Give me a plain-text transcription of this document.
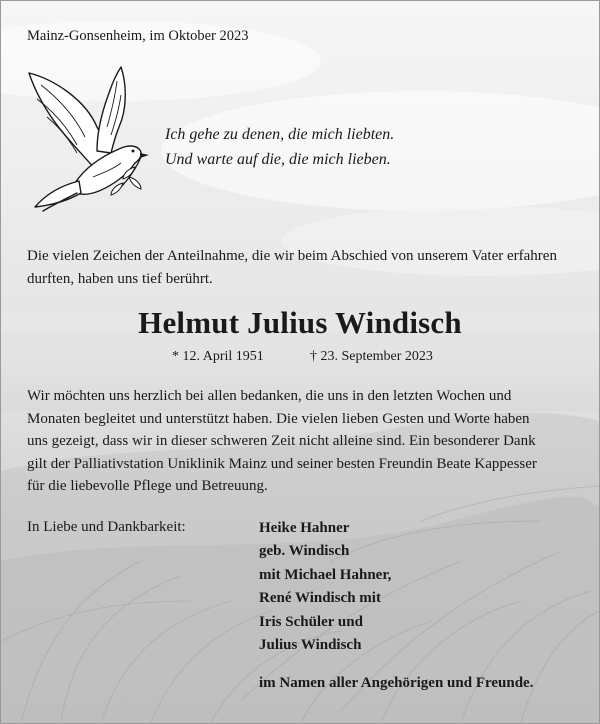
Mainz-Gonsenheim, im Oktober 2023

Ich gehe zu denen, die mich liebten.
Und warte auf die, die mich lieben.

Die vielen Zeichen der Anteilnahme, die wir beim Abschied von unserem Vater erfahren durften, haben uns tief berührt.

Helmut Julius Windisch

* 12. April 1951	† 23. September 2023

Wir möchten uns herzlich bei allen bedanken, die uns in den letzten Wochen und
Monaten begleitet und unterstützt haben. Die vielen lieben Gesten und Worte haben
uns gezeigt, dass wir in dieser schweren Zeit nicht alleine sind. Ein besonderer Dank
gilt der Palliativstation Uniklinik Mainz und seiner besten Freundin Beate Kappesser
für die liebevolle Pflege und Betreuung.

In Liebe und Dankbarkeit:	Heike Hahner
geb. Windisch
mit Michael Hahner,
René Windisch mit
Iris Schüler und
Julius Windisch

im Namen aller Angehörigen und Freunde.
